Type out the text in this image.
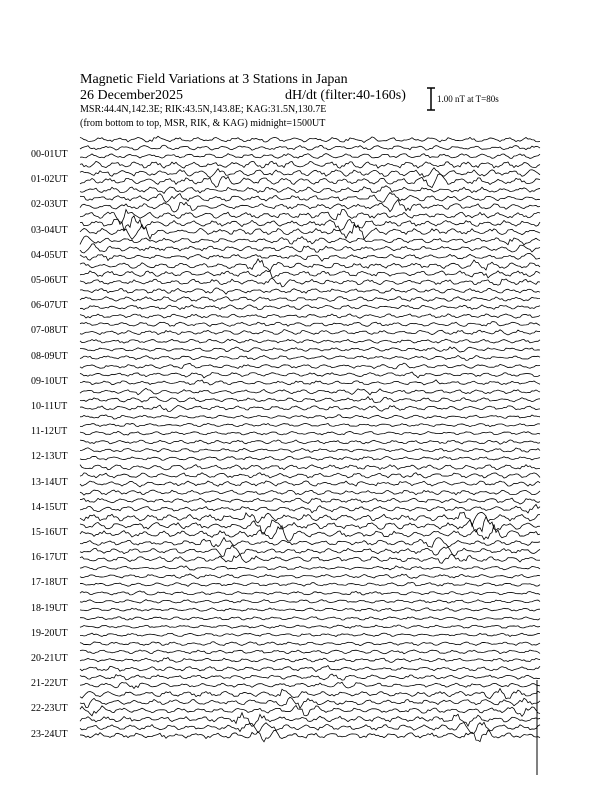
Magnetic Field Variations at 3 Stations in Japan
26 December2025	dH/dt (filter:40-160s)
MSR:44.4N,142.3E; RIK:43.5N,143.8E; KAG:31.5N,130.7E
(from bottom to top, MSR, RIK, & KAG) midnight=1500UT
1.00 nT at T=80s
00-01UT
01-02UT
02-03UT
03-04UT
04-05UT
05-06UT
06-07UT
07-08UT
08-09UT
09-10UT
10-11UT
11-12UT
12-13UT
13-14UT
14-15UT
15-16UT
16-17UT
17-18UT
18-19UT
19-20UT
20-21UT
21-22UT
22-23UT
23-24UT
